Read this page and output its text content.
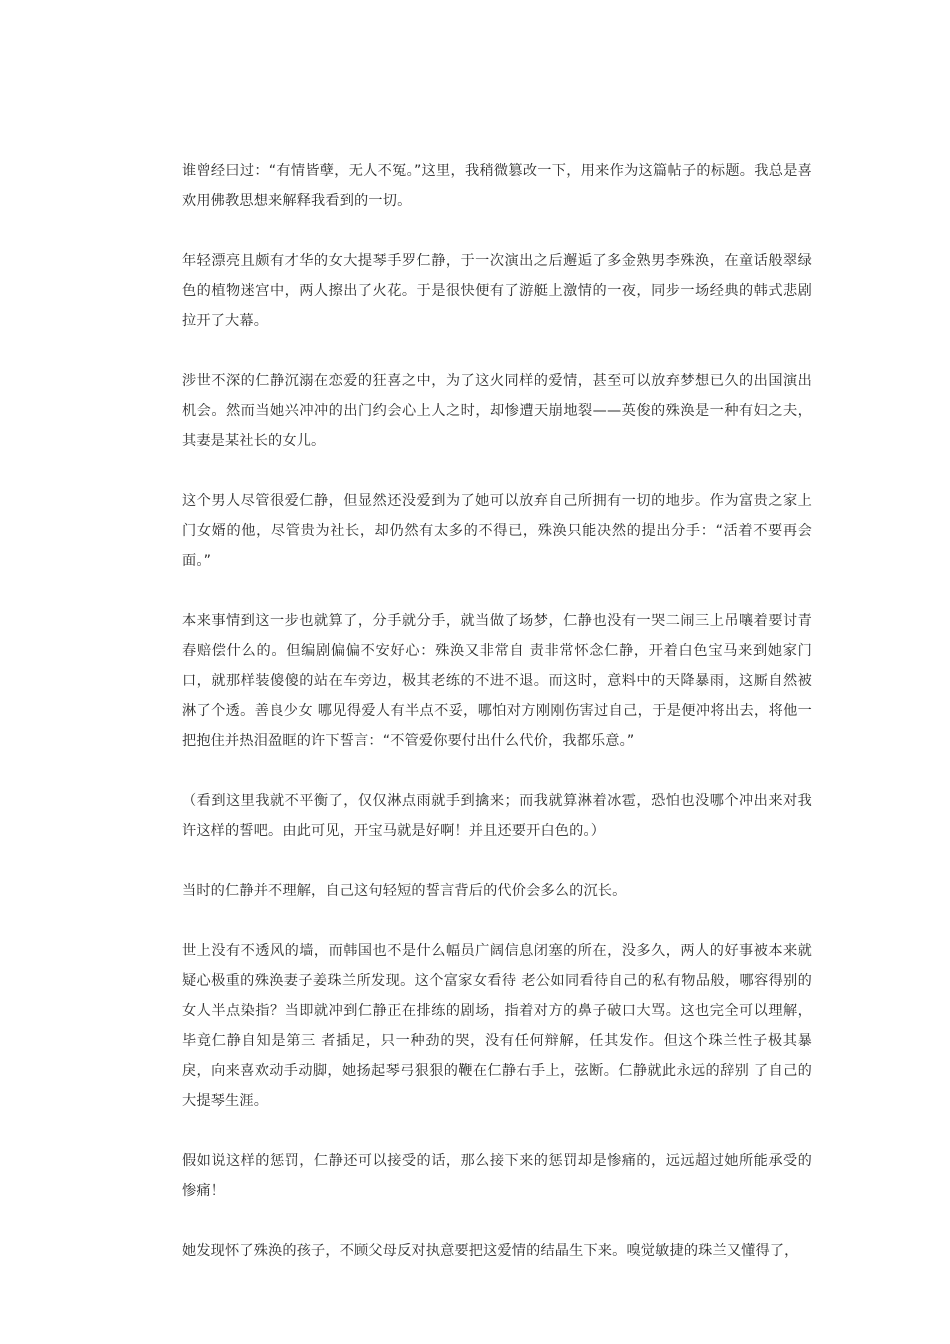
谁曾经曰过：“有情皆孽，无人不冤。”这里，我稍微篡改一下，用来作为这篇帖子的标题。我总是喜欢用佛教思想来解释我看到的一切。

年轻漂亮且颇有才华的女大提琴手罗仁静，于一次演出之后邂逅了多金熟男李殊涣，在童话般翠绿色的植物迷宫中，两人擦出了火花。于是很快便有了游艇上激情的一夜，同步一场经典的韩式悲剧拉开了大幕。

涉世不深的仁静沉溺在恋爱的狂喜之中，为了这火同样的爱情，甚至可以放弃梦想已久的出国演出机会。然而当她兴冲冲的出门约会心上人之时，却惨遭天崩地裂——英俊的殊涣是一种有妇之夫，其妻是某社长的女儿。

这个男人尽管很爱仁静，但显然还没爱到为了她可以放弃自己所拥有一切的地步。作为富贵之家上门女婿的他，尽管贵为社长，却仍然有太多的不得已，殊涣只能决然的提出分手：“活着不要再会面。”

本来事情到这一步也就算了，分手就分手，就当做了场梦，仁静也没有一哭二闹三上吊嚷着要讨青春赔偿什么的。但编剧偏偏不安好心：殊涣又非常自 责非常怀念仁静，开着白色宝马来到她家门口，就那样装傻傻的站在车旁边，极其老练的不进不退。而这时，意料中的天降暴雨，这厮自然被淋了个透。善良少女 哪见得爱人有半点不妥，哪怕对方刚刚伤害过自己，于是便冲将出去，将他一把抱住并热泪盈眶的许下誓言：“不管爱你要付出什么代价，我都乐意。”

（看到这里我就不平衡了，仅仅淋点雨就手到擒来；而我就算淋着冰雹，恐怕也没哪个冲出来对我许这样的誓吧。由此可见，开宝马就是好啊！并且还要开白色的。）

当时的仁静并不理解，自己这句轻短的誓言背后的代价会多么的沉长。

世上没有不透风的墙，而韩国也不是什么幅员广阔信息闭塞的所在，没多久，两人的好事被本来就疑心极重的殊涣妻子姜珠兰所发现。这个富家女看待 老公如同看待自己的私有物品般，哪容得别的女人半点染指？当即就冲到仁静正在排练的剧场，指着对方的鼻子破口大骂。这也完全可以理解，毕竟仁静自知是第三 者插足，只一种劲的哭，没有任何辩解，任其发作。但这个珠兰性子极其暴戾，向来喜欢动手动脚，她扬起琴弓狠狠的鞭在仁静右手上，弦断。仁静就此永远的辞别 了自己的大提琴生涯。

假如说这样的惩罚，仁静还可以接受的话，那么接下来的惩罚却是惨痛的，远远超过她所能承受的惨痛！

她发现怀了殊涣的孩子，不顾父母反对执意要把这爱情的结晶生下来。嗅觉敏捷的珠兰又懂得了，
